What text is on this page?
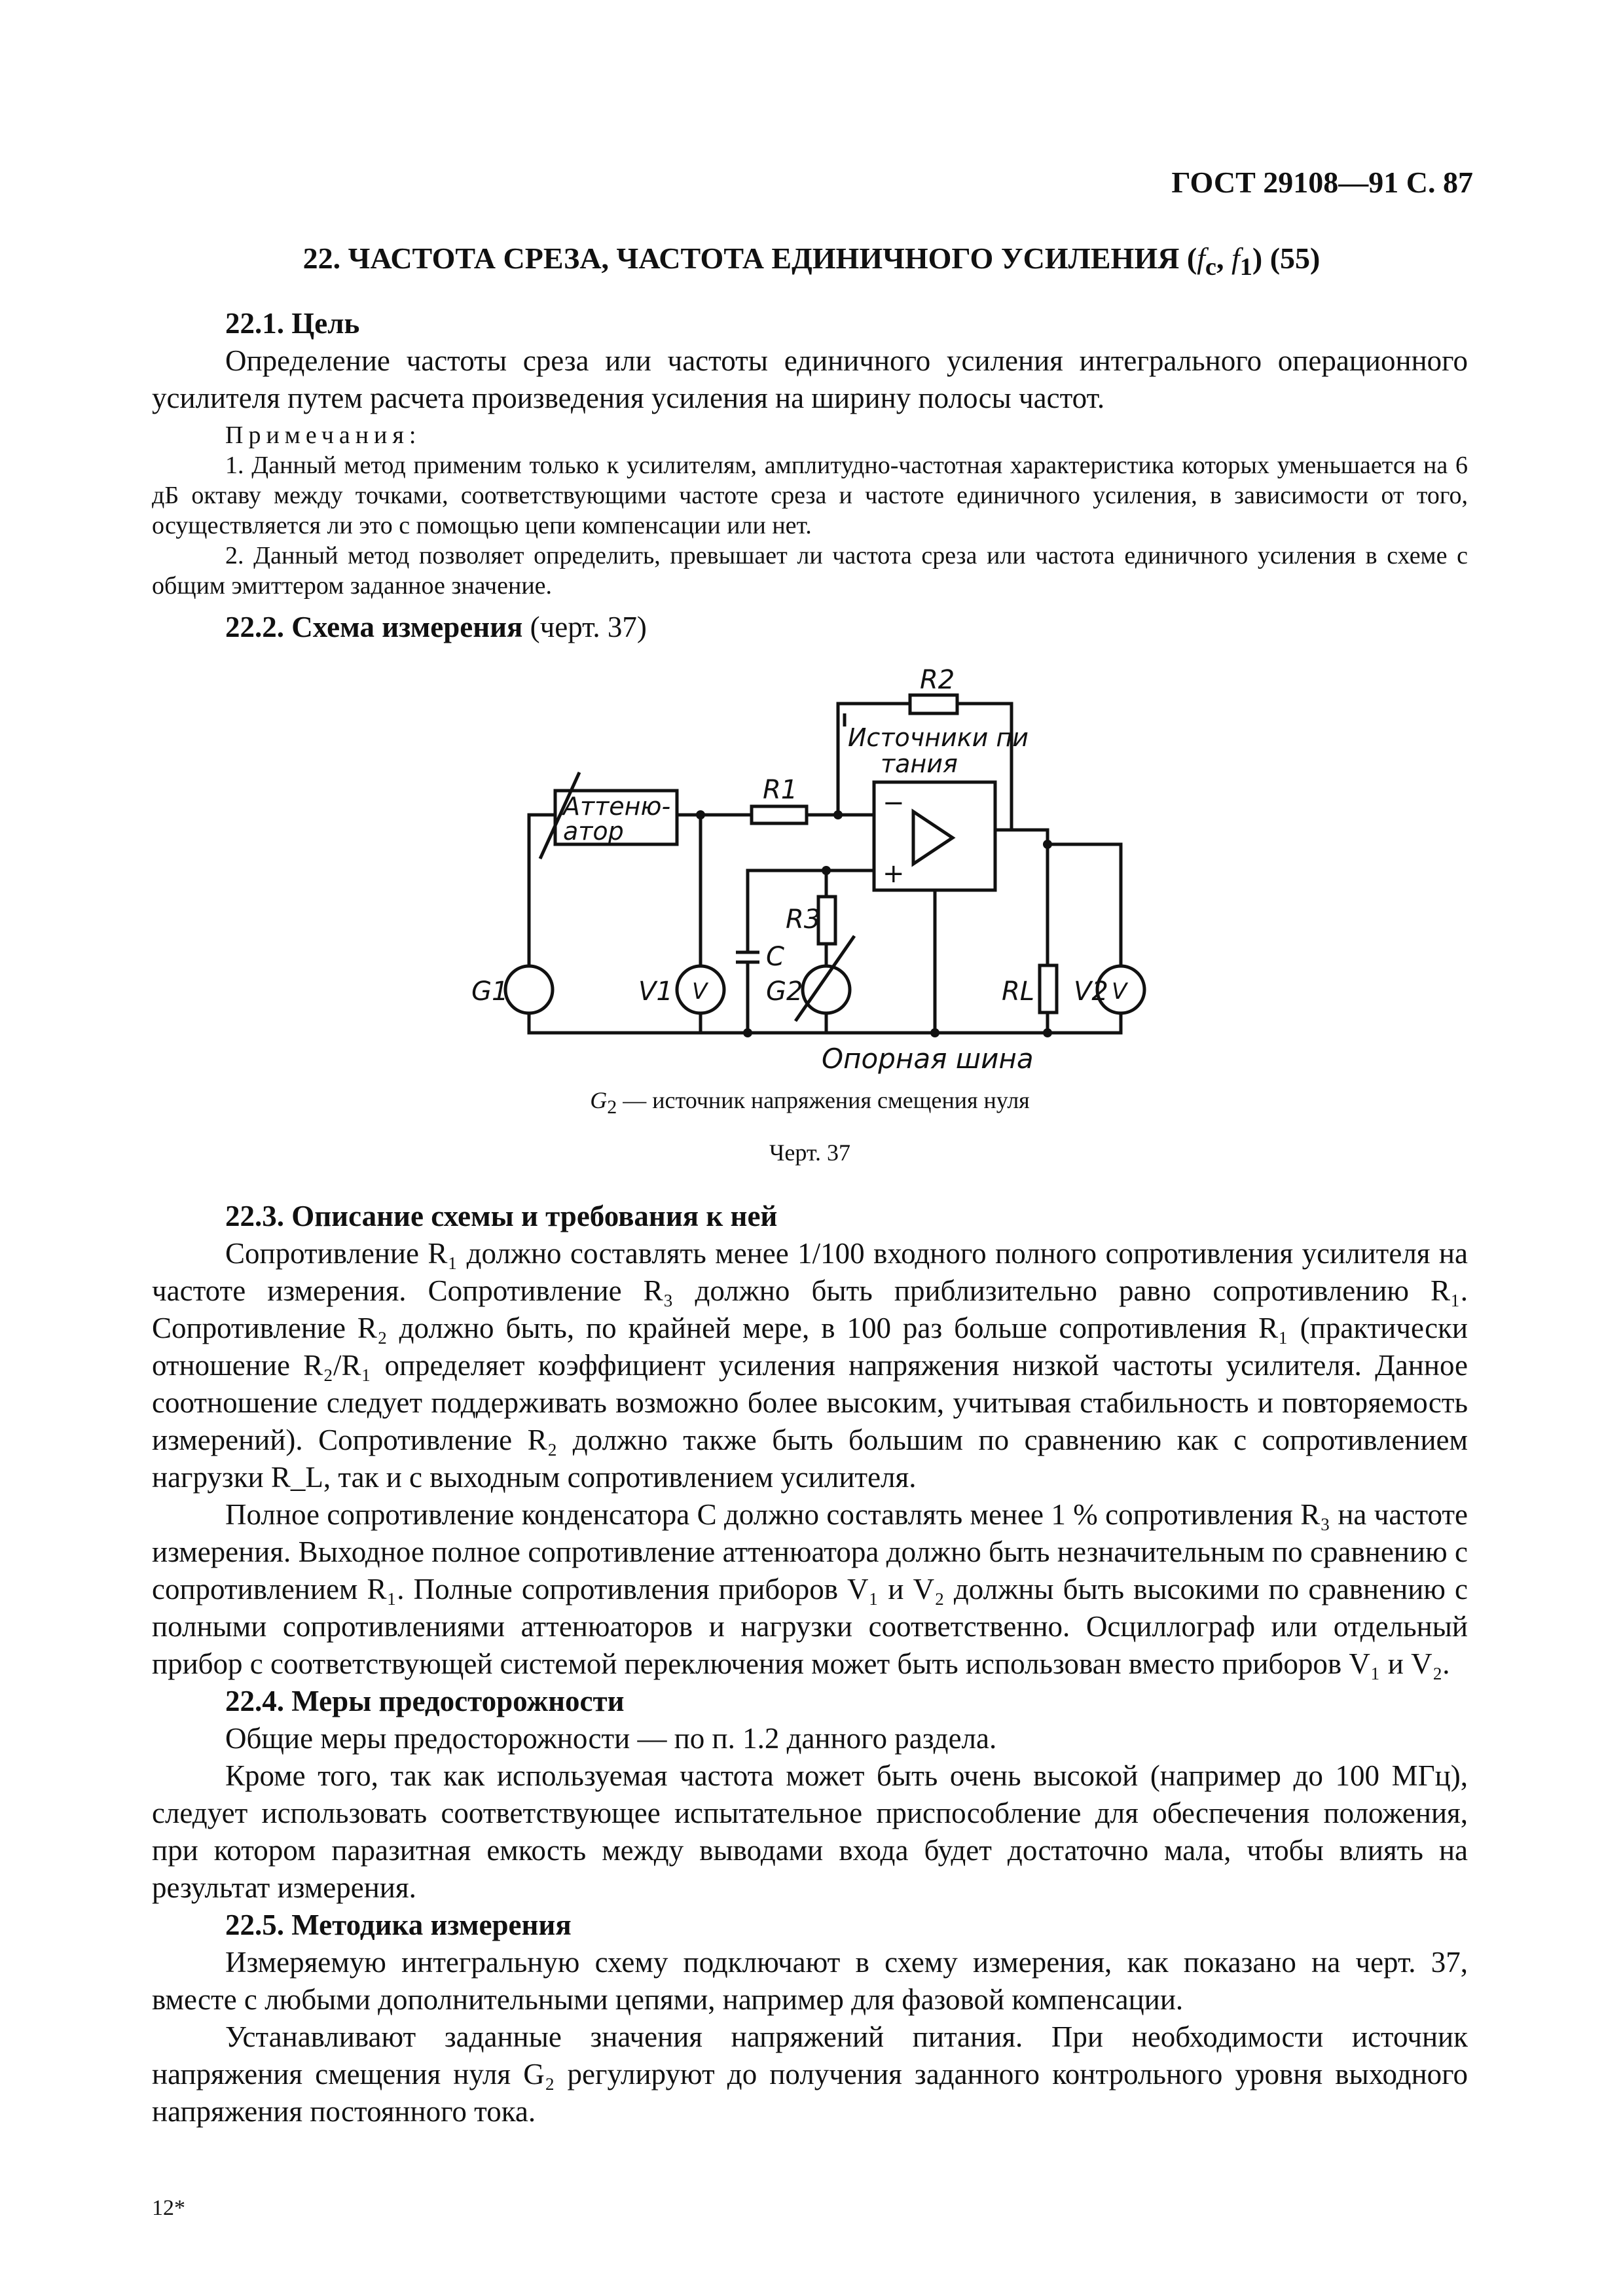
ГОСТ 29108—91 С. 87
22. ЧАСТОТА СРЕЗА, ЧАСТОТА ЕДИНИЧНОГО УСИЛЕНИЯ ($f_c$, $f_1$) (55)

22.1. Цель

Определение частоты среза или частоты единичного усиления интегрального операционного усилителя путем расчета произведения усиления на ширину полосы частот.

Примечания:

1. Данный метод применим только к усилителям, амплитудно-частотная характеристика которых уменьшается на 6 дБ октаву между точками, соответствующими частоте среза и частоте единичного усиления, в зависимости от того, осуществляется ли это с помощью цепи компенсации или нет.

2. Данный метод позволяет определить, превышает ли частота среза или частота единичного усиления в схеме с общим эмиттером заданное значение.

22.2. Схема измерения (черт. 37)

R2
Источники пи
тания
Аттеню-
атор
R1	−
+
R3
C
G1	V1 V G2	RL V2 V
Опорная шина
$G_2$ — источник напряжения смещения нуля
Черт. 37

22.3. Описание схемы и требования к ней

Сопротивление R₁ должно составлять менее 1/100 входного полного сопротивления усилителя на частоте измерения. Сопротивление R₃ должно быть приблизительно равно сопротивлению R₁. Сопротивление R₂ должно быть, по крайней мере, в 100 раз больше сопротивления R₁ (практически отношение R₂/R₁ определяет коэффициент усиления напряжения низкой частоты усилителя. Данное соотношение следует поддерживать возможно более высоким, учитывая стабильность и повторяемость измерений). Сопротивление R₂ должно также быть большим по сравнению как с сопротивлением нагрузки R_L, так и с выходным сопротивлением усилителя.

Полное сопротивление конденсатора C должно составлять менее 1 % сопротивления R₃ на частоте измерения. Выходное полное сопротивление аттенюатора должно быть незначительным по сравнению с сопротивлением R₁. Полные сопротивления приборов V₁ и V₂ должны быть высокими по сравнению с полными сопротивлениями аттенюаторов и нагрузки соответственно. Осциллограф или отдельный прибор с соответствующей системой переключения может быть использован вместо приборов V₁ и V₂.

22.4. Меры предосторожности

Общие меры предосторожности — по п. 1.2 данного раздела.

Кроме того, так как используемая частота может быть очень высокой (например до 100 МГц), следует использовать соответствующее испытательное приспособление для обеспечения положения, при котором паразитная емкость между выводами входа будет достаточно мала, чтобы влиять на результат измерения.

22.5. Методика измерения

Измеряемую интегральную схему подключают в схему измерения, как показано на черт. 37, вместе с любыми дополнительными цепями, например для фазовой компенсации.

Устанавливают заданные значения напряжений питания. При необходимости источник напряжения смещения нуля G₂ регулируют до получения заданного контрольного уровня выходного напряжения постоянного тока.

12*
